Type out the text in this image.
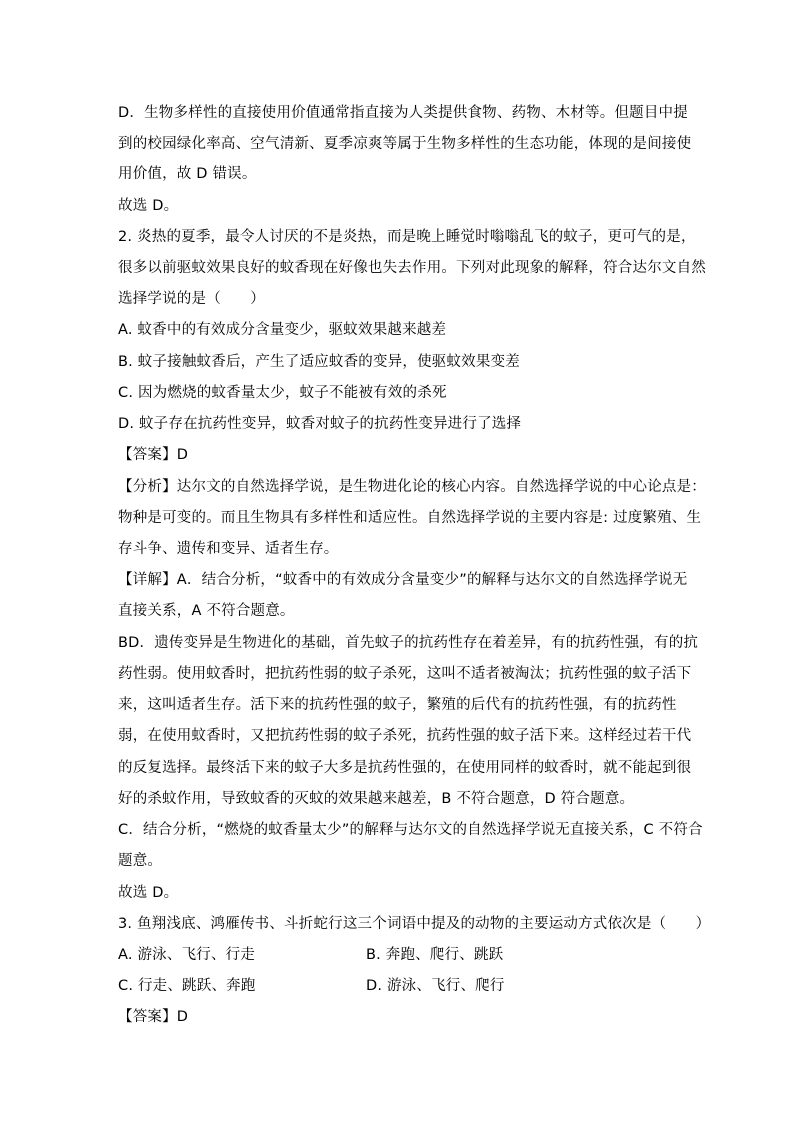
D．生物多样性的直接使用价值通常指直接为人类提供食物、药物、木材等。但题目中提
到的校园绿化率高、空气清新、夏季凉爽等属于生物多样性的生态功能，体现的是间接使
用价值，故 D 错误。
故选 D。
2. 炎热的夏季，最令人讨厌的不是炎热，而是晚上睡觉时嗡嗡乱飞的蚊子，更可气的是，
很多以前驱蚊效果良好的蚊香现在好像也失去作用。下列对此现象的解释，符合达尔文自然
选择学说的是（　　）
A. 蚊香中的有效成分含量变少，驱蚊效果越来越差
B. 蚊子接触蚊香后，产生了适应蚊香的变异，使驱蚊效果变差
C. 因为燃烧的蚊香量太少，蚊子不能被有效的杀死
D. 蚊子存在抗药性变异，蚊香对蚊子的抗药性变异进行了选择
【答案】D
【分析】达尔文的自然选择学说，是生物进化论的核心内容。自然选择学说的中心论点是：
物种是可变的。而且生物具有多样性和适应性。自然选择学说的主要内容是: 过度繁殖、生
存斗争、遗传和变异、适者生存。
【详解】A．结合分析，“蚊香中的有效成分含量变少”的解释与达尔文的自然选择学说无
直接关系，A 不符合题意。
BD．遗传变异是生物进化的基础，首先蚊子的抗药性存在着差异，有的抗药性强，有的抗
药性弱。使用蚊香时，把抗药性弱的蚊子杀死，这叫不适者被淘汰；抗药性强的蚊子活下
来，这叫适者生存。活下来的抗药性强的蚊子，繁殖的后代有的抗药性强，有的抗药性
弱，在使用蚊香时，又把抗药性弱的蚊子杀死，抗药性强的蚊子活下来。这样经过若干代
的反复选择。最终活下来的蚊子大多是抗药性强的，在使用同样的蚊香时，就不能起到很
好的杀蚊作用，导致蚊香的灭蚊的效果越来越差，B 不符合题意，D 符合题意。
C．结合分析，“燃烧的蚊香量太少”的解释与达尔文的自然选择学说无直接关系，C 不符合
题意。
故选 D。
3. 鱼翔浅底、鸿雁传书、斗折蛇行这三个词语中提及的动物的主要运动方式依次是（　　）
A. 游泳、飞行、行走	B. 奔跑、爬行、跳跃
C. 行走、跳跃、奔跑	D. 游泳、飞行、爬行
【答案】D
